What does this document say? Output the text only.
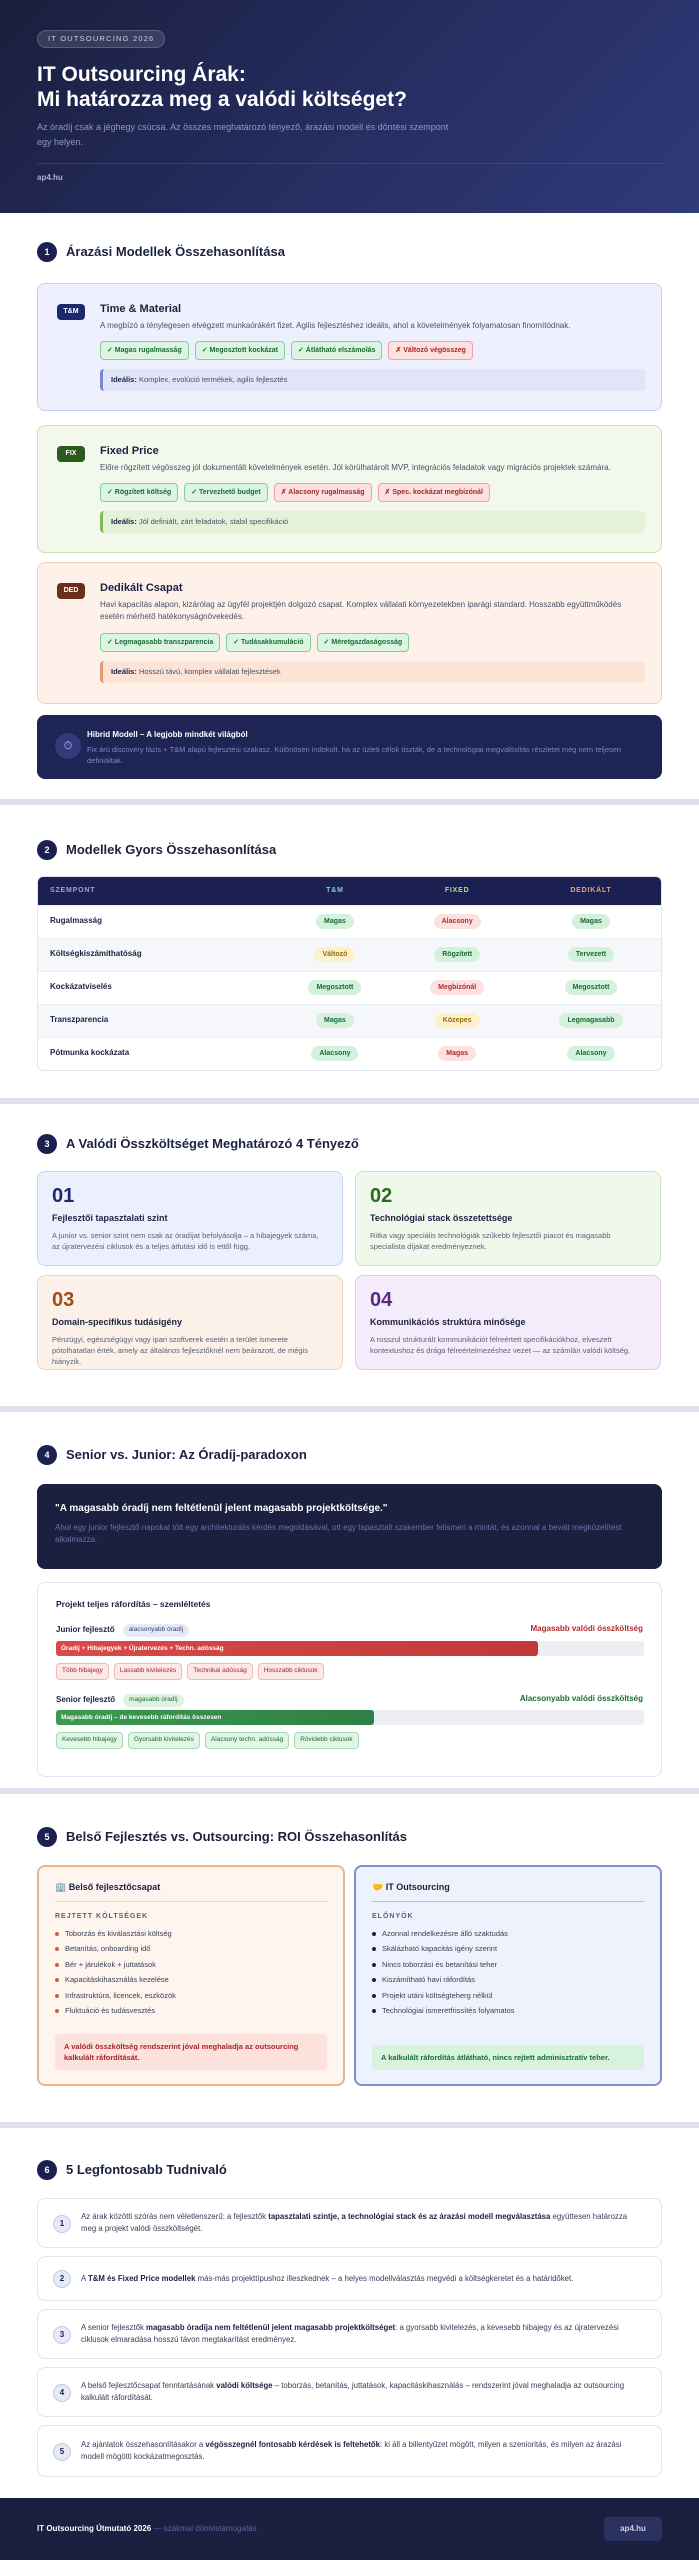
IT OUTSOURCING 2026
IT Outsourcing Árak:
Mi határozza meg a valódi költséget?

Az óradíj csak a jéghegy csúcsa. Az összes meghatározó tényező, árazási modell és döntési szempont egy helyen.

ap4.hu
1	Árazási Modellek Összehasonlítása
T&M	Time & Material
A megbízó a ténylegesen elvégzett munkaórákért fizet. Agilis fejlesztéshez ideális, ahol a követelmények folyamatosan finomítódnak.
✓ Magas rugalmasság	✓ Megosztott kockázat	✓ Átlátható elszámolás	✗ Változó végösszeg
Ideális: Komplex, evolúció termékek, agilis fejlesztés
FIX	Fixed Price
Előre rögzített végösszeg jól dokumentált követelmények esetén. Jól körülhatárolt MVP, integrációs feladatok vagy migrációs projektek számára.
✓ Rögzített költség	✓ Tervezhető budget	✗ Alacsony rugalmasság	✗ Spec. kockázat megbízónál
Ideális: Jól definiált, zárt feladatok, stabil specifikáció
DED	Dedikált Csapat
Havi kapacitás alapon, kizárólag az ügyfél projektjén dolgozó csapat. Komplex vállalati környezetekben iparági standard. Hosszabb együttműködés esetén mérhető hatékonyságnövekedés.
✓ Legmagasabb transzparencia	✓ Tudásakkumuláció	✓ Méretgazdaságosság
Ideális: Hosszú távú, komplex vállalati fejlesztések
⏱
Hibrid Modell – A legjobb mindkét világból

Fix árú discovery fázis + T&M alapú fejlesztési szakasz. Különösen indokolt, ha az üzleti célok tiszták, de a technológiai megvalósítás részletei még nem teljesen definiáltak.

2	Modellek Gyors Összehasonlítása
SZEMPONT	T&M	FIXED	DEDIKÁLT
Rugalmasság	Magas	Alacsony	Magas
Költségkiszámíthatóság	Változó	Rögzített	Tervezett
Kockázatviselés	Megosztott	Megbízónál	Megosztott
Transzparencia	Magas	Közepes	Legmagasabb
Pótmunka kockázata	Alacsony	Magas	Alacsony
3	A Valódi Összköltséget Meghatározó 4 Tényező
01
Fejlesztői tapasztalati szint

A junior vs. senior szint nem csak az óradíjat befolyásolja – a hibajegyek száma, az újratervezési ciklusok és a teljes átfutási idő is ettől függ.

02
Technológiai stack összetettsége

Ritka vagy speciális technológiák szűkebb fejlesztői piacot és magasabb specialista díjakat eredményeznek.

03
Domain-specifikus tudásigény

Pénzügyi, egészségügyi vagy ipari szoftverek esetén a terület ismerete pótolhatatlan érték, amely az általános fejlesztőknél nem beárazott, de mégis hiányzik.

04
Kommunikációs struktúra minősége

A rosszul strukturált kommunikációt félreértett specifikációkhoz, elveszett kontextushoz és drága félreértelmezéshez vezet — az számlán valódi költség.

4	Senior vs. Junior: Az Óradíj-paradoxon
"A magasabb óradíj nem feltétlenül jelent magasabb projektköltsége."

Ahol egy junior fejlesztő napokat tölt egy architekturális kérdés megoldásával, ott egy tapasztalt szakember felismeri a mintát, és azonnal a bevált megközelítést alkalmazza.

Projekt teljes ráfordítás – szemléltetés
Junior fejlesztő	alacsonyabb óradíj	Magasabb valódi összköltség
Óradíj + Hibajegyek + Újratervezés + Techn. adósság
Több hibajegy	Lassabb kivitelezés	Technikai adósság	Hosszabb ciklusok
Senior fejlesztő	magasabb óradíj	Alacsonyabb valódi összköltség
Magasabb óradíj – de kevesebb ráfordítás összesen
Kevesebb hibajegy	Gyorsabb kivitelezés	Alacsony techn. adósság	Rövidebb ciklusok
5	Belső Fejlesztés vs. Outsourcing: ROI Összehasonlítás
🏢 Belső fejlesztőcsapat
REJTETT KÖLTSÉGEK
Toborzás és kiválasztási költség
Betanítás, onboarding idő
Bér + járulékok + juttatások
Kapacitáskihasználás kezelése
Infrastruktúra, licencek, eszközök
Fluktuáció és tudásvesztés
A valódi összköltség rendszerint jóval meghaladja az outsourcing kalkulált ráfordítását.
🤝 IT Outsourcing
ELŐNYÖK
Azonnal rendelkezésre álló szaktudás
Skálázható kapacitás igény szerint
Nincs toborzási és betanítási teher
Kiszámítható havi ráfordítás
Projekt utáni költségteherg nélkül
Technológiai ismeretfrissítés folyamatos
A kalkulált ráfordítás átlátható, nincs rejtett adminisztratív teher.
6	5 Legfontosabb Tudnivaló
1

Az árak közötti szórás nem véletlenszerű: a fejlesztők tapasztalati szintje, a technológiai stack és az árazási modell megválasztása együttesen határozza meg a projekt valódi összköltségét.

2	A T&M és Fixed Price modellek más-más projekttípushoz illeszkednek – a helyes modellválasztás megvédi a költségkeretet és a határidőket.

3

A senior fejlesztők magasabb óradíja nem feltétlenül jelent magasabb projektköltséget: a gyorsabb kivitelezés, a kevesebb hibajegy és az újratervezési ciklusok elmaradása hosszú távon megtakarítást eredményez.

4

A belső fejlesztőcsapat fenntartásának valódi költsége – toborzás, betanítás, juttatások, kapacitáskihasználás – rendszerint jóval meghaladja az outsourcing kalkulált ráfordítását.

5

Az ajánlatok összehasonlításakor a végösszegnél fontosabb kérdések is feltehetők: ki áll a billentyűzet mögött, milyen a szenioritás, és milyen az árazási modell mögötti kockázatmegosztás.

IT Outsourcing Útmutató 2026 — szakmai döntéstámogatás	ap4.hu
